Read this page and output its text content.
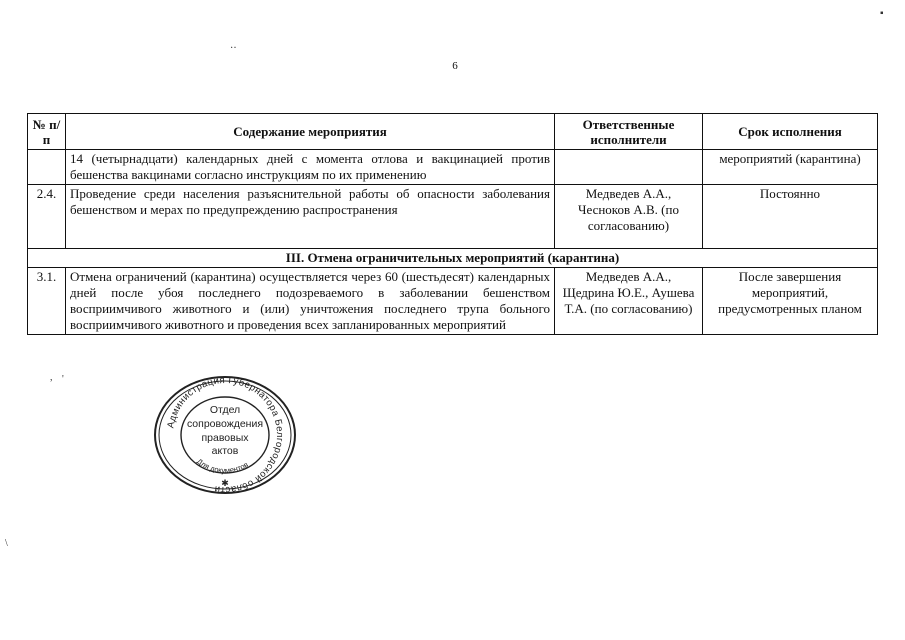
6
№ п/п	Содержание мероприятия	Ответственные исполнители	Срок исполнения
	14 (четырнадцати) календарных дней с момента отлова и вакцинацией против бешенства вакцинами согласно инструкциям по их применению		мероприятий (карантина)
2.4.	Проведение среди населения разъяснительной работы об опасности заболевания бешенством и мерах по предупреждению распространения	Медведев А.А., Чесноков А.В. (по согласованию)	Постоянно
III. Отмена ограничительных мероприятий (карантина)			
3.1.	Отмена ограничений (карантина) осуществляется через 60 (шестьдесят) календарных дней после убоя последнего подозреваемого в заболевании бешенством восприимчивого животного и (или) уничтожения последнего трупа больного восприимчивого животного и проведения всех запланированных мероприятий	Медведев А.А., Щедрина Ю.Е., Аушева Т.А. (по согласованию)	После завершения мероприятий, предусмотренных планом
Администрация Губернатора Белгородской области
Для документов
Отдел
сопровождения
правовых
актов
✱
▪
‥
, '
\
